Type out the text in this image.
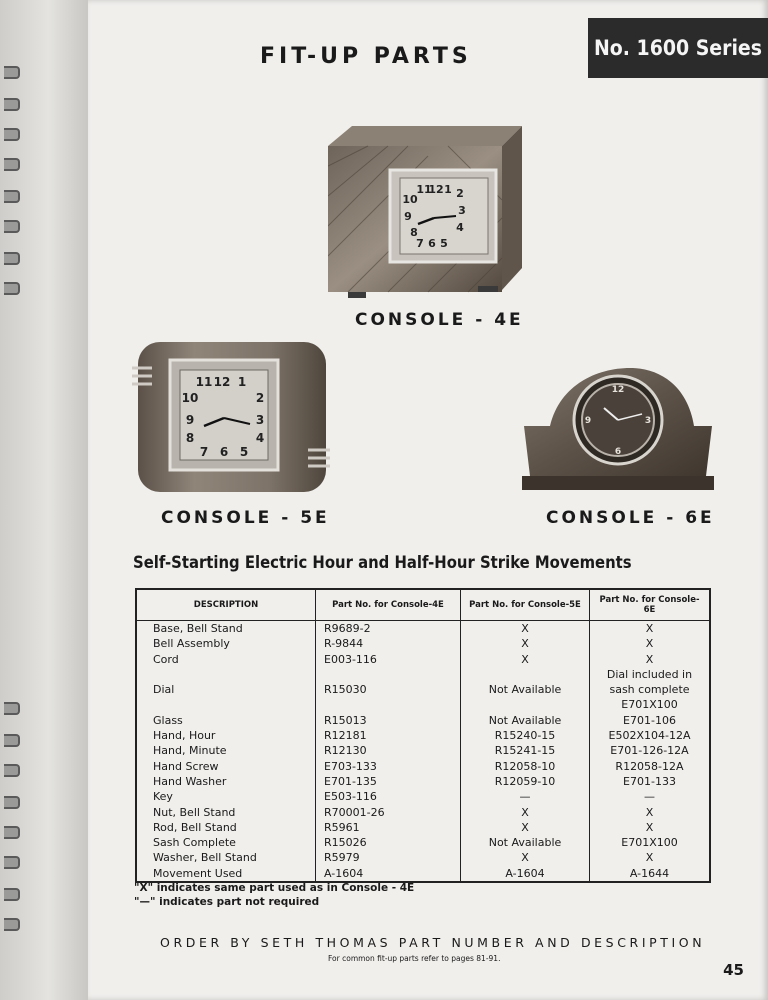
No. 1600 Series
FIT-UP PARTS
11
12 1 2
10
9	3
4
7 6 5
8
CONSOLE - 4E
11 12 1
2
10
9	3
4
7 6 5
8
CONSOLE - 5E
12
3
6
9
CONSOLE - 6E
Self-Starting Electric Hour and Half-Hour Strike Movements
DESCRIPTION	Part No. for Console-4E	Part No. for Console-5E	Part No. for Console-6E
Base, Bell Stand	R9689-2	X	X
Bell Assembly	R-9844	X	X
Cord	E003-116	X	X
Dial	R15030	Not Available	Dial included in sash complete E701X100
Glass	R15013	Not Available	E701-106
Hand, Hour	R12181	R15240-15	E502X104-12A
Hand, Minute	R12130	R15241-15	E701-126-12A
Hand Screw	E703-133	R12058-10	R12058-12A
Hand Washer	E701-135	R12059-10	E701-133
Key	E503-116	—	—
Nut, Bell Stand	R70001-26	X	X
Rod, Bell Stand	R5961	X	X
Sash Complete	R15026	Not Available	E701X100
Washer, Bell Stand	R5979	X	X
Movement Used	A-1604	A-1604	A-1644
"X" indicates same part used as in Console - 4E
"—" indicates part not required
ORDER BY SETH THOMAS PART NUMBER AND DESCRIPTION
For common fit-up parts refer to pages 81-91.
45
